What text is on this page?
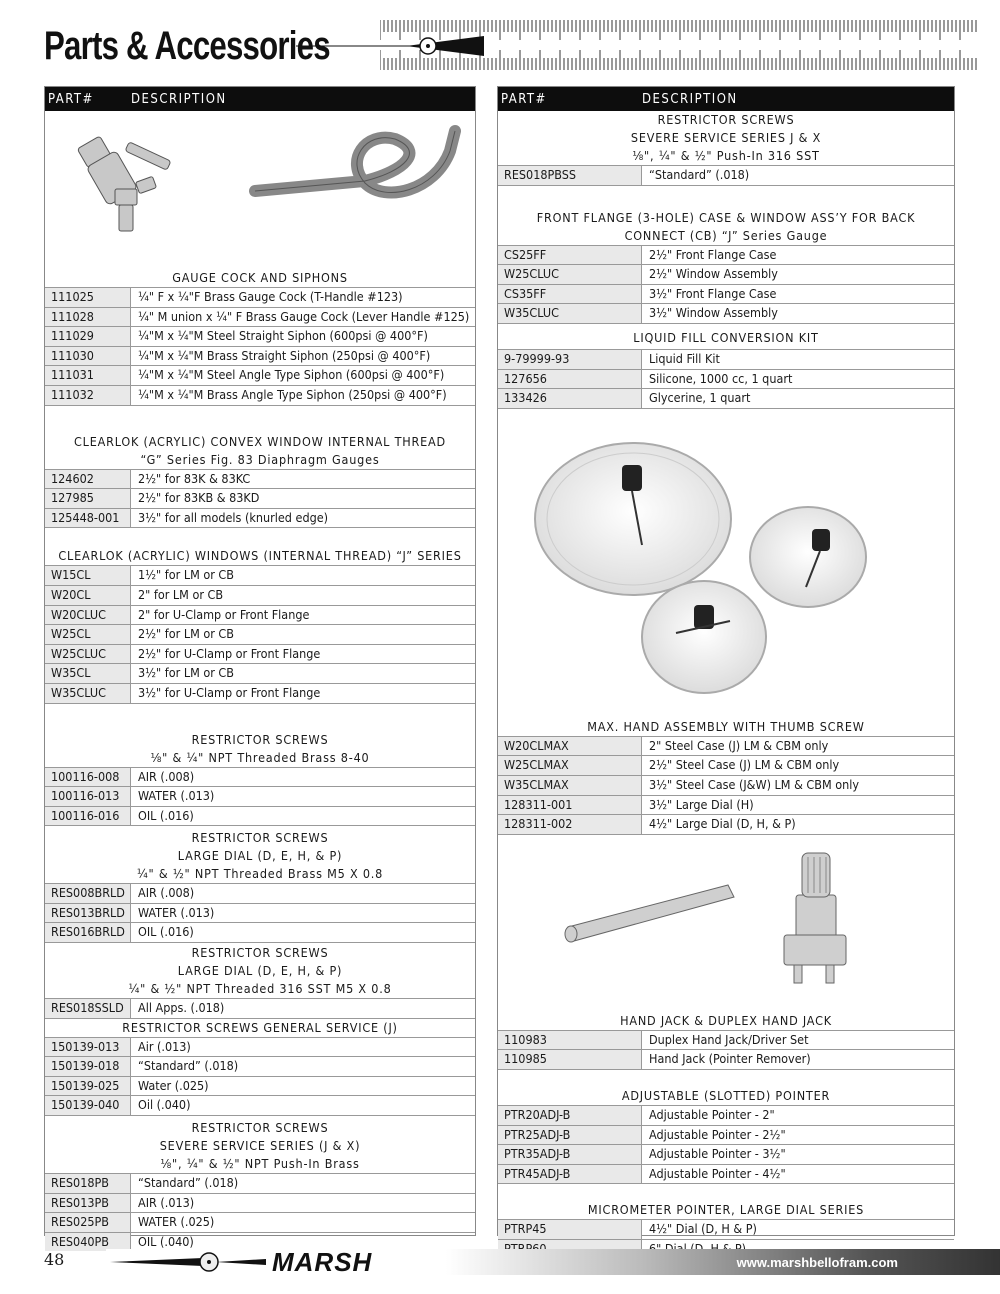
Parts & Accessories
PART#	DESCRIPTION
GAUGE COCK AND SIPHONS
111025	¼" F x ¼"F Brass Gauge Cock (T-Handle #123)
111028	¼" M union x ¼" F Brass Gauge Cock (Lever Handle #125)
111029	¼"M x ¼"M Steel Straight Siphon (600psi @ 400°F)
111030	¼"M x ¼"M Brass Straight Siphon (250psi @ 400°F)
111031	¼"M x ¼"M Steel Angle Type Siphon (600psi @ 400°F)
111032	¼"M x ¼"M Brass Angle Type Siphon (250psi @ 400°F)
CLEARLOK (ACRYLIC) CONVEX WINDOW INTERNAL THREAD
“G” Series Fig. 83 Diaphragm Gauges
124602	2½" for 83K & 83KC
127985	2½" for 83KB & 83KD
125448-001	3½" for all models (knurled edge)
CLEARLOK (ACRYLIC) WINDOWS (INTERNAL THREAD) “J” SERIES
W15CL	1½" for LM or CB
W20CL	2" for LM or CB
W20CLUC	2" for U-Clamp or Front Flange
W25CL	2½" for LM or CB
W25CLUC	2½" for U-Clamp or Front Flange
W35CL	3½" for LM or CB
W35CLUC	3½" for U-Clamp or Front Flange
RESTRICTOR SCREWS
⅛" & ¼" NPT Threaded Brass 8-40
100116-008	AIR (.008)
100116-013	WATER (.013)
100116-016	OIL (.016)
RESTRICTOR SCREWS
LARGE DIAL (D, E, H, & P)
¼" & ½" NPT Threaded Brass M5 X 0.8
RES008BRLD	AIR (.008)
RES013BRLD	WATER (.013)
RES016BRLD	OIL (.016)
RESTRICTOR SCREWS
LARGE DIAL (D, E, H, & P)
¼" & ½" NPT Threaded 316 SST M5 X 0.8
RES018SSLD	All Apps. (.018)
RESTRICTOR SCREWS GENERAL SERVICE (J)
150139-013	Air (.013)
150139-018	“Standard” (.018)
150139-025	Water (.025)
150139-040	Oil (.040)
RESTRICTOR SCREWS
SEVERE SERVICE SERIES (J & X)
⅛", ¼" & ½" NPT Push-In Brass
RES018PB	“Standard” (.018)
RES013PB	AIR (.013)
RES025PB	WATER (.025)
RES040PB	OIL (.040)
PART#	DESCRIPTION
RESTRICTOR SCREWS
SEVERE SERVICE SERIES J & X
⅛", ¼" & ½" Push-In 316 SST
RES018PBSS	“Standard” (.018)
FRONT FLANGE (3-HOLE) CASE & WINDOW ASS’Y FOR BACK
CONNECT (CB) “J” Series Gauge
CS25FF	2½" Front Flange Case
W25CLUC	2½" Window Assembly
CS35FF	3½" Front Flange Case
W35CLUC	3½" Window Assembly
LIQUID FILL CONVERSION KIT
9-79999-93	Liquid Fill Kit
127656	Silicone, 1000 cc, 1 quart
133426	Glycerine, 1 quart
MAX. HAND ASSEMBLY WITH THUMB SCREW
W20CLMAX	2" Steel Case (J) LM & CBM only
W25CLMAX	2½" Steel Case (J) LM & CBM only
W35CLMAX	3½" Steel Case (J&W) LM & CBM only
128311-001	3½" Large Dial (H)
128311-002	4½" Large Dial (D, H, & P)
HAND JACK & DUPLEX HAND JACK
110983	Duplex Hand Jack/Driver Set
110985	Hand Jack (Pointer Remover)
ADJUSTABLE (SLOTTED) POINTER
PTR20ADJ-B	Adjustable Pointer - 2"
PTR25ADJ-B	Adjustable Pointer - 2½"
PTR35ADJ-B	Adjustable Pointer - 3½"
PTR45ADJ-B	Adjustable Pointer - 4½"
MICROMETER POINTER, LARGE DIAL SERIES
PTRP45	4½" Dial (D, H & P)
48	MARSH	www.marshbellofram.com
